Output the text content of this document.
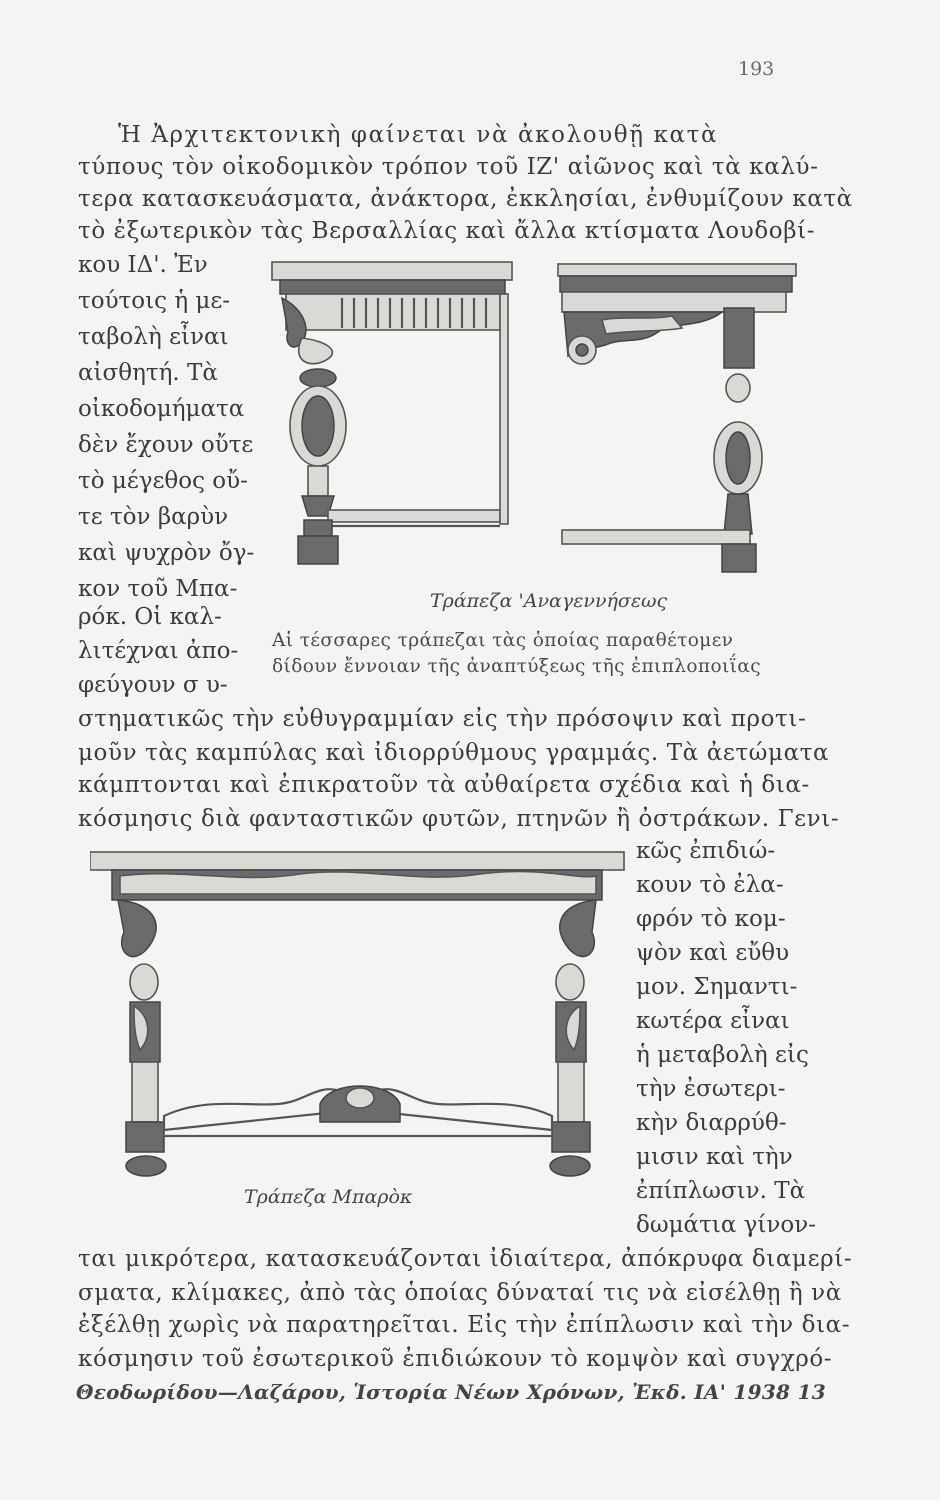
193
Ἡ Ἀρχιτεκτονικὴ φαίνεται νὰ ἀκολουθῇ κατὰ
τύπους τὸν οἰκοδομικὸν τρόπον τοῦ ΙΖ' αἰῶνος καὶ τὰ καλύ-
τερα κατασκευάσματα, ἀνάκτορα, ἐκκλησίαι, ἐνθυμίζουν κατὰ
τὸ ἐξωτερικὸν τὰς Βερσαλλίας καὶ ἄλλα κτίσματα Λουδοβί-
κου ΙΔ'. Ἐν
τούτοις ἡ με-
ταβολὴ εἶναι
αἰσθητή. Τὰ
οἰκοδομήματα
δὲν ἔχουν οὔτε
τὸ μέγεθος οὔ-
τε τὸν βαρὺν
καὶ ψυχρὸν ὄγ-
κον τοῦ Μπα-
ρόκ. Οἱ καλ-
λιτέχναι ἀπο-
φεύγουν σ υ-
Τράπεζα 'Αναγεννήσεως
Αἱ τέσσαρες τράπεζαι τὰς ὁποίας παραθέτομεν
δίδουν ἔννοιαν τῆς ἀναπτύξεως τῆς ἐπιπλοποιΐας
στηματικῶς τὴν εὐθυγραμμίαν εἰς τὴν πρόσοψιν καὶ προτι-
μοῦν τὰς καμπύλας καὶ ἰδιορρύθμους γραμμάς. Τὰ ἀετώματα
κάμπτονται καὶ ἐπικρατοῦν τὰ αὐθαίρετα σχέδια καὶ ἡ δια-
κόσμησις διὰ φανταστικῶν φυτῶν, πτηνῶν ἢ ὀστράκων. Γενι-
Τράπεζα Μπαρὸκ
κῶς ἐπιδιώ-
κουν τὸ ἐλα-
φρόν τὸ κομ-
ψὸν καὶ εὔθυ
μον. Σημαντι-
κωτέρα εἶναι
ἡ μεταβολὴ εἰς
τὴν ἐσωτερι-
κὴν διαρρύθ-
μισιν καὶ τὴν
ἐπίπλωσιν. Τὰ
δωμάτια γίνον-
ται μικρότερα, κατασκευάζονται ἰδιαίτερα, ἀπόκρυφα διαμερί-
σματα, κλίμακες, ἀπὸ τὰς ὁποίας δύναταί τις νὰ εἰσέλθῃ ἢ νὰ
ἐξέλθῃ χωρὶς νὰ παρατηρεῖται. Εἰς τὴν ἐπίπλωσιν καὶ τὴν δια-
κόσμησιν τοῦ ἐσωτερικοῦ ἐπιδιώκουν τὸ κομψὸν καὶ συγχρό-
Θεοδωρίδου—Λαζάρου, Ἱστορία Νέων Χρόνων, Ἐκδ. ΙΑ' 1938 13
